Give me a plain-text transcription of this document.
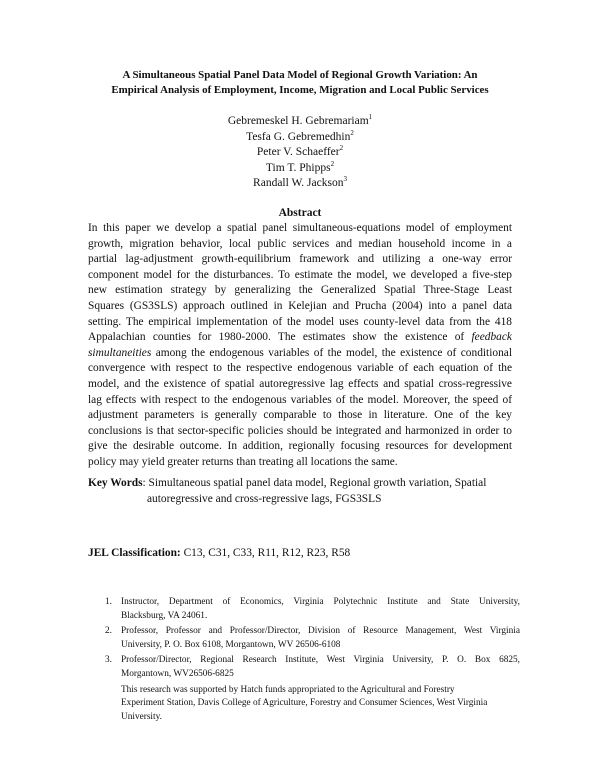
A Simultaneous Spatial Panel Data Model of Regional Growth Variation: An
Empirical Analysis of Employment, Income, Migration and Local Public Services
Gebremeskel H. Gebremariam$^1$
Tesfa G. Gebremedhin$^2$
Peter V. Schaeffer$^2$
Tim T. Phipps$^2$
Randall W. Jackson$^3$
Abstract
In this paper we develop a spatial panel simultaneous-equations model of employment
growth, migration behavior, local public services and median household income in a
partial lag-adjustment growth-equilibrium framework and utilizing a one-way error
component model for the disturbances. To estimate the model, we developed a five-step
new estimation strategy by generalizing the Generalized Spatial Three-Stage Least
Squares (GS3SLS) approach outlined in Kelejian and Prucha (2004) into a panel data
setting. The empirical implementation of the model uses county-level data from the 418
Appalachian counties for 1980-2000. The estimates show the existence of feedback
simultaneities among the endogenous variables of the model, the existence of conditional
convergence with respect to the respective endogenous variable of each equation of the
model, and the existence of spatial autoregressive lag effects and spatial cross-regressive
lag effects with respect to the endogenous variables of the model. Moreover, the speed of
adjustment parameters is generally comparable to those in literature. One of the key
conclusions is that sector-specific policies should be integrated and harmonized in order to
give the desirable outcome. In addition, regionally focusing resources for development
policy may yield greater returns than treating all locations the same.
Key Words: Simultaneous spatial panel data model, Regional growth variation, Spatial
autoregressive and cross-regressive lags, FGS3SLS
JEL Classification: C13, C31, C33, R11, R12, R23, R58
1. Instructor, Department of Economics, Virginia Polytechnic Institute and State University,
Blacksburg, VA 24061.
2. Professor, Professor and Professor/Director, Division of Resource Management, West Virginia
University, P. O. Box 6108, Morgantown, WV 26506-6108
3. Professor/Director, Regional Research Institute, West Virginia University, P. O. Box 6825,
Morgantown, WV26506-6825
This research was supported by Hatch funds appropriated to the Agricultural and Forestry
Experiment Station, Davis College of Agriculture, Forestry and Consumer Sciences, West Virginia
University.
